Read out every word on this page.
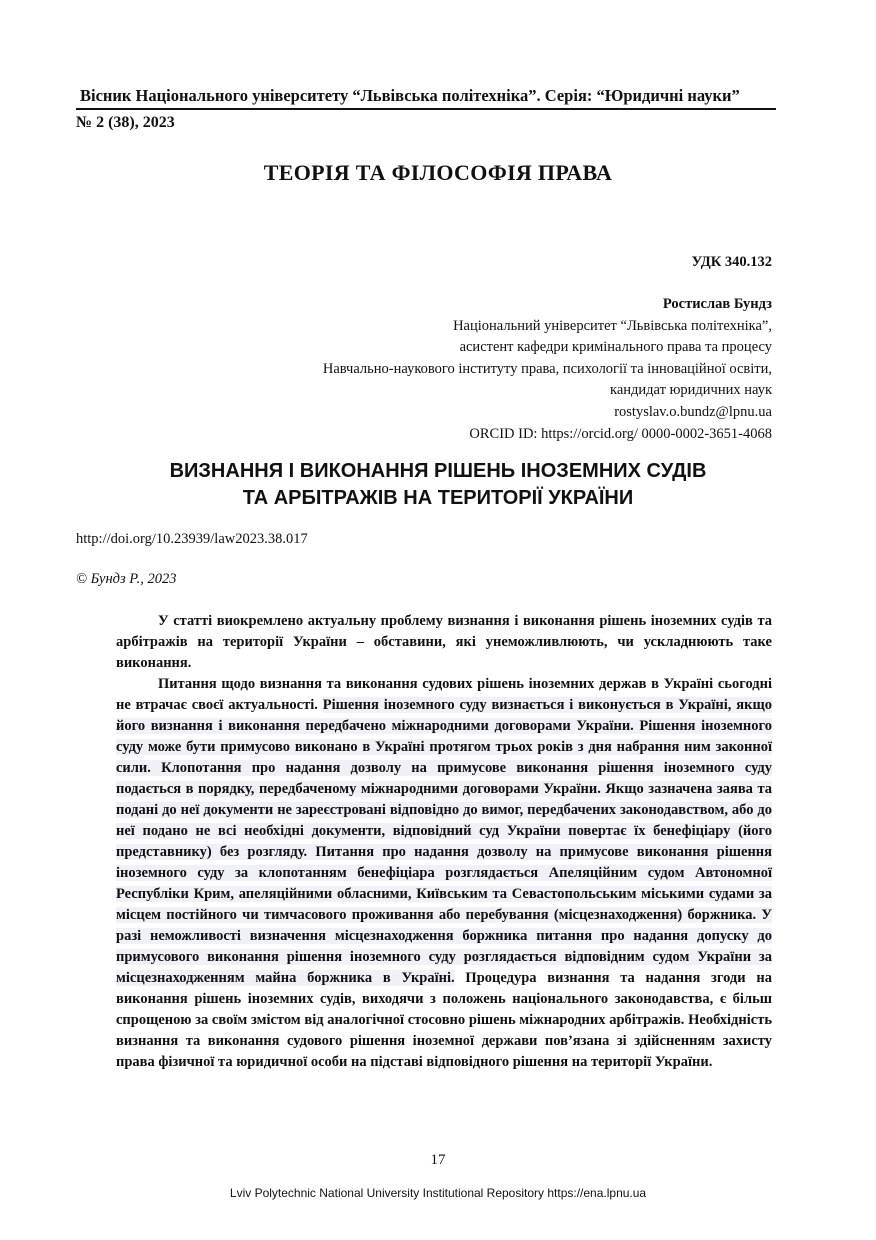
Вісник Національного університету “Львівська політехніка”. Серія: “Юридичні науки”
№ 2 (38), 2023
ТЕОРІЯ ТА ФІЛОСОФІЯ ПРАВА
УДК 340.132
Ростислав Бундз
Національний університет “Львівська політехніка”,
асистент кафедри кримінального права та процесу
Навчально-наукового інституту права, психології та інноваційної освіти,
кандидат юридичних наук
rostyslav.o.bundz@lpnu.ua
ORCID ID: https://orcid.org/ 0000-0002-3651-4068
ВИЗНАННЯ І ВИКОНАННЯ РІШЕНЬ ІНОЗЕМНИХ СУДІВ
ТА АРБІТРАЖІВ НА ТЕРИТОРІЇ УКРАЇНИ
http://doi.org/10.23939/law2023.38.017
© Бундз Р., 2023

У статті виокремлено актуальну проблему визнання і виконання рішень іноземних судів та арбітражів на території України – обставини, які унеможливлюють, чи ускладнюють таке виконання.

Питання щодо визнання та виконання судових рішень іноземних держав в Україні сьогодні не втрачає своєї актуальності. Рішення іноземного суду визнається і виконується в Україні, якщо його визнання і виконання передбачено міжнародними договорами України. Рішення іноземного суду може бути примусово виконано в Україні протягом трьох років з дня набрання ним законної сили. Клопотання про надання дозволу на примусове виконання рішення іноземного суду подається в порядку, передбаченому міжнародними договорами України. Якщо зазначена заява та подані до неї документи не зареєстровані відповідно до вимог, передбачених законодавством, або до неї подано не всі необхідні документи, відповідний суд України повертає їх бенефіціару (його представнику) без розгляду. Питання про надання дозволу на примусове виконання рішення іноземного суду за клопотанням бенефіціара розглядається Апеляційним судом Автономної Республіки Крим, апеляційними обласними, Київським та Севастопольським міськими судами за місцем постійного чи тимчасового проживання або перебування (місцезнаходження) боржника. У разі неможливості визначення місцезнаходження боржника питання про надання допуску до примусового виконання рішення іноземного суду розглядається відповідним судом України за місцезнаходженням майна боржника в Україні. Процедура визнання та надання згоди на виконання рішень іноземних судів, виходячи з положень національного законодавства, є більш спрощеною за своїм змістом від аналогічної стосовно рішень міжнародних арбітражів. Необхідність визнання та виконання судового рішення іноземної держави пов’язана зі здійсненням захисту права фізичної та юридичної особи на підставі відповідного рішення на території України.

17
Lviv Polytechnic National University Institutional Repository https://ena.lpnu.ua
